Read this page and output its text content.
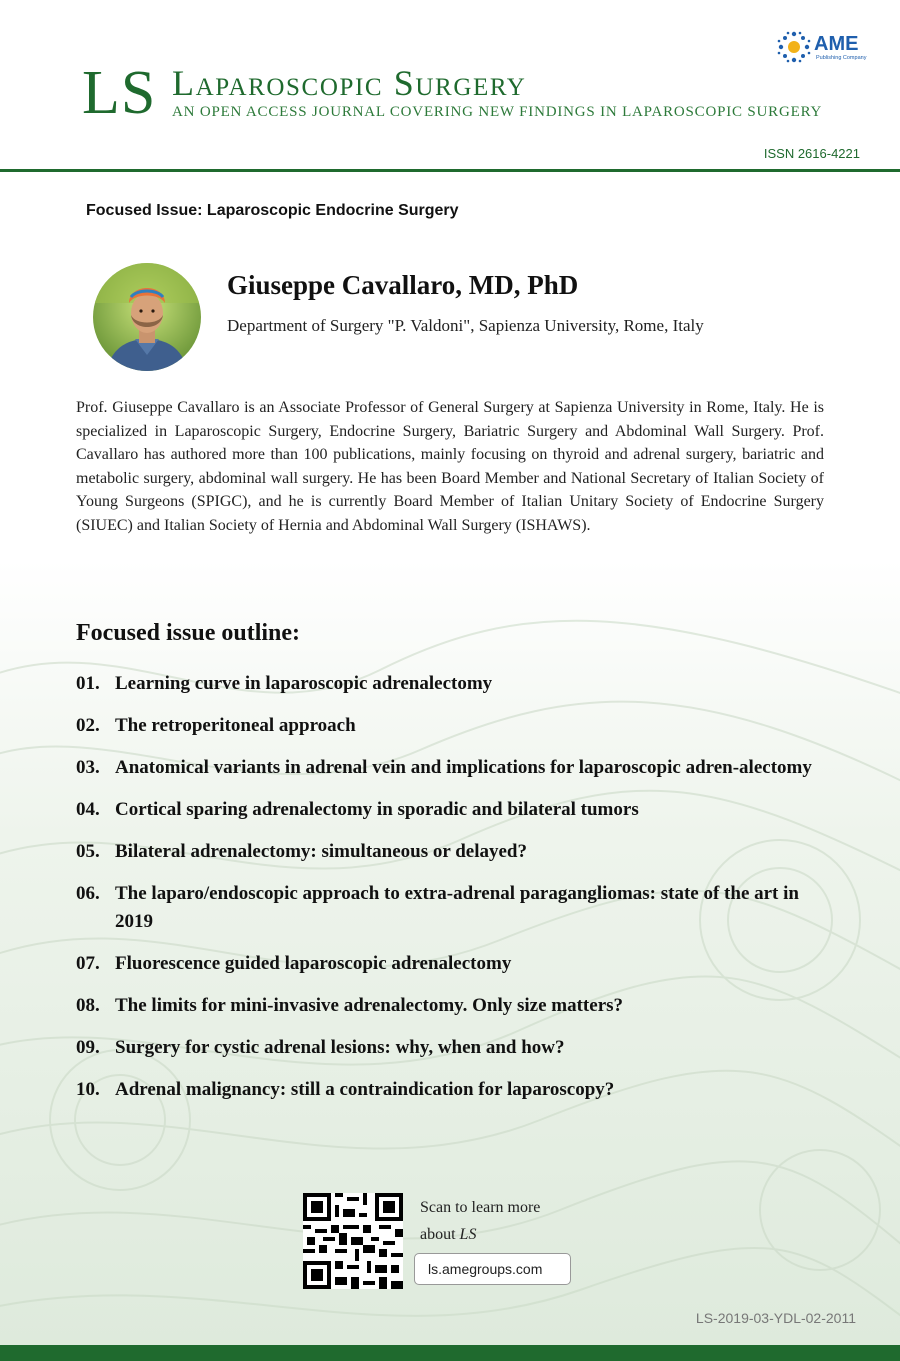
LS Laparoscopic Surgery
AN OPEN ACCESS JOURNAL COVERING NEW FINDINGS IN LAPAROSCOPIC SURGERY
AME
Publishing Company
ISSN 2616-4221
Focused Issue: Laparoscopic Endocrine Surgery
Giuseppe Cavallaro, MD, PhD
Department of Surgery "P. Valdoni", Sapienza University, Rome, Italy
Prof. Giuseppe Cavallaro is an Associate Professor of General Surgery at Sapienza University in Rome, Italy. He is specialized in Laparoscopic Surgery, Endocrine Surgery, Bariatric Surgery and Abdominal Wall Surgery. Prof. Cavallaro has authored more than 100 publications, mainly focusing on thyroid and adrenal surgery, bariatric and metabolic surgery, abdominal wall surgery. He has been Board Member and National Secretary of Italian Society of Young Surgeons (SPIGC), and he is currently Board Member of Italian Unitary Society of Endocrine Surgery (SIUEC) and Italian Society of Hernia and Abdominal Wall Surgery (ISHAWS).
Focused issue outline:
01. Learning curve in laparoscopic adrenalectomy
02. The retroperitoneal approach
03. Anatomical variants in adrenal vein and implications for laparoscopic adren-alectomy
04. Cortical sparing adrenalectomy in sporadic and bilateral tumors
05. Bilateral adrenalectomy: simultaneous or delayed?
06. The laparo/endoscopic approach to extra-adrenal paragangliomas: state of the art in 2019
07. Fluorescence guided laparoscopic adrenalectomy
08. The limits for mini-invasive adrenalectomy. Only size matters?
09. Surgery for cystic adrenal lesions: why, when and how?
10. Adrenal malignancy: still a contraindication for laparoscopy?
Scan to learn more
about LS
ls.amegroups.com
LS-2019-03-YDL-02-2011
